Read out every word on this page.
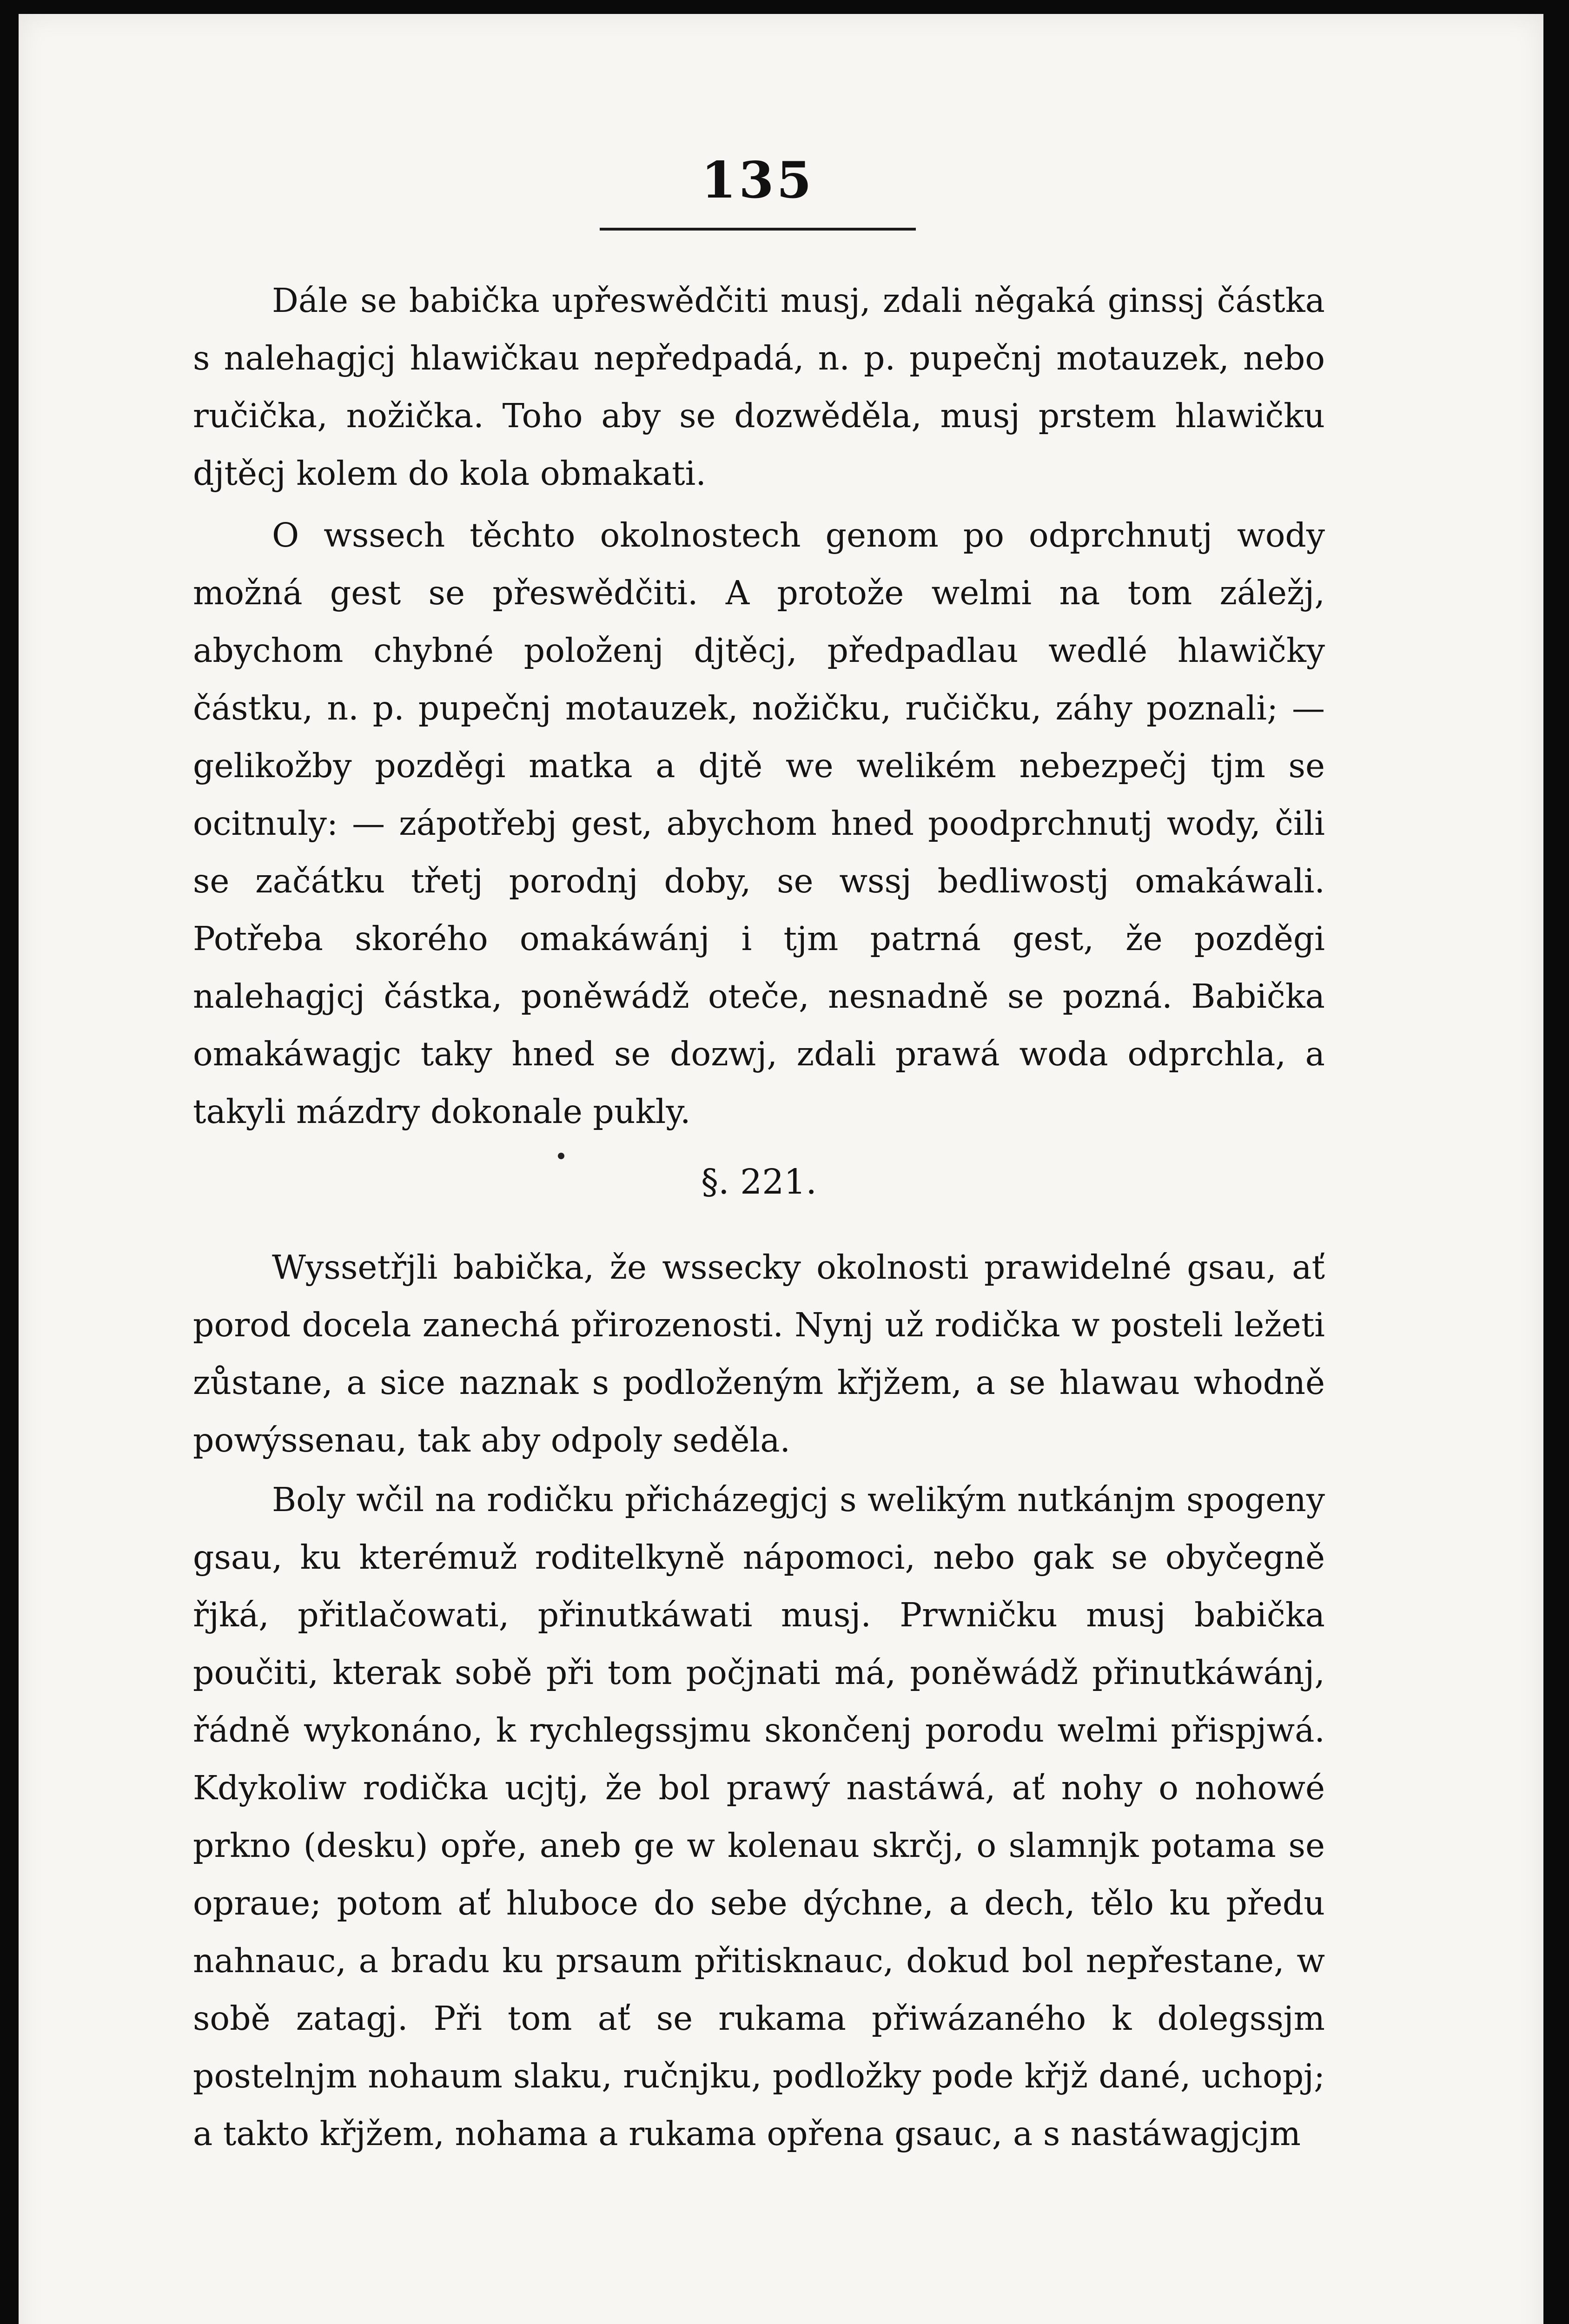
135

Dále se babička upřeswědčiti musj, zdali něgaká ginssj částka s nalehagjcj hlawičkau nepředpadá, n. p. pupečnj motauzek, nebo ručička, nožička. Toho aby se dozwěděla, musj prstem hlawičku djtěcj kolem do kola obmakati.

O wssech těchto okolnostech genom po odprchnutj wody možná gest se přeswědčiti. A protože welmi na tom záležj, abychom chybné položenj djtěcj, předpadlau wedlé hlawičky částku, n. p. pupečnj motauzek, nožičku, ručičku, záhy poznali; — gelikožby pozděgi matka a djtě we welikém nebezpečj tjm se ocitnuly: — zápotřebj gest, abychom hned poodprchnutj wody, čili se začátku třetj porodnj doby, se wssj bedliwostj omakáwali. Potřeba skorého omakáwánj i tjm patrná gest, že pozděgi nalehagjcj částka, poněwádž oteče, nesnadně se pozná. Babička omakáwagjc taky hned se dozwj, zdali prawá woda odprchla, a takyli mázdry dokonale pukly.

§. 221.

Wyssetřjli babička, že wssecky okolnosti prawidelné gsau, ať porod docela zanechá přirozenosti. Nynj už rodička w posteli ležeti zůstane, a sice naznak s podloženým křjžem, a se hlawau whodně powýssenau, tak aby odpoly seděla.

Boly wčil na rodičku přicházegjcj s welikým nutkánjm spogeny gsau, ku kterémuž roditelkyně nápomoci, nebo gak se obyčegně řjká, přitlačowati, přinutkáwati musj. Prwničku musj babička poučiti, kterak sobě při tom počjnati má, poněwádž přinutkáwánj, řádně wykonáno, k rychlegssjmu skončenj porodu welmi přispjwá. Kdykoliw rodička ucjtj, že bol prawý nastáwá, ať nohy o nohowé prkno (desku) opře, aneb ge w kolenau skrčj, o slamnjk potama se opraue; potom ať hluboce do sebe dýchne, a dech, tělo ku předu nahnauc, a bradu ku prsaum přitisknauc, dokud bol nepřestane, w sobě zatagj. Při tom ať se rukama přiwázaného k dolegssjm postelnjm nohaum slaku, ručnjku, podložky pode křjž dané, uchopj; a takto křjžem, nohama a rukama opřena gsauc, a s nastáwagjcjm
